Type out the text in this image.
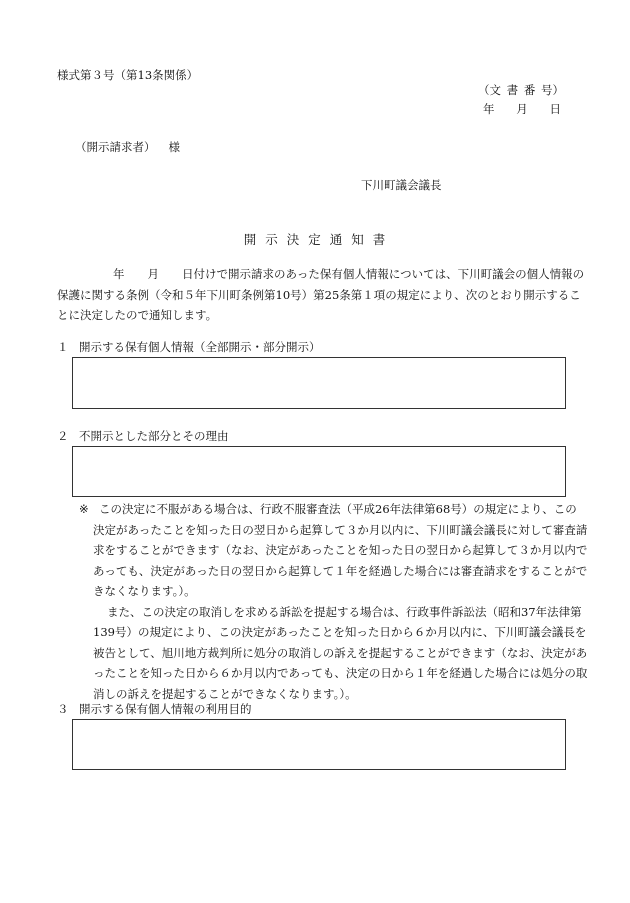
様式第３号（第13条関係）
（文 書 番 号）
年 月 日
（開示請求者） 様
下川町議会議長
開 示 決 定 通 知 書

年　　月　　日付けで開示請求のあった保有個人情報については、下川町議会の個人情報の

保護に関する条例（令和５年下川町条例第10号）第25条第１項の規定により、次のとおり開示するこ

とに決定したので通知します。

１ 開示する保有個人情報（全部開示・部分開示）
２ 不開示とした部分とその理由

※ この決定に不服がある場合は、行政不服審査法（平成26年法律第68号）の規定により、この

決定があったことを知った日の翌日から起算して３か月以内に、下川町議会議長に対して審査請

求をすることができます（なお、決定があったことを知った日の翌日から起算して３か月以内で

あっても、決定があった日の翌日から起算して１年を経過した場合には審査請求をすることがで

きなくなります。）。

また、この決定の取消しを求める訴訟を提起する場合は、行政事件訴訟法（昭和37年法律第

139号）の規定により、この決定があったことを知った日から６か月以内に、下川町議会議長を

被告として、旭川地方裁判所に処分の取消しの訴えを提起することができます（なお、決定があ

ったことを知った日から６か月以内であっても、決定の日から１年を経過した場合には処分の取

消しの訴えを提起することができなくなります。）。

３ 開示する保有個人情報の利用目的
